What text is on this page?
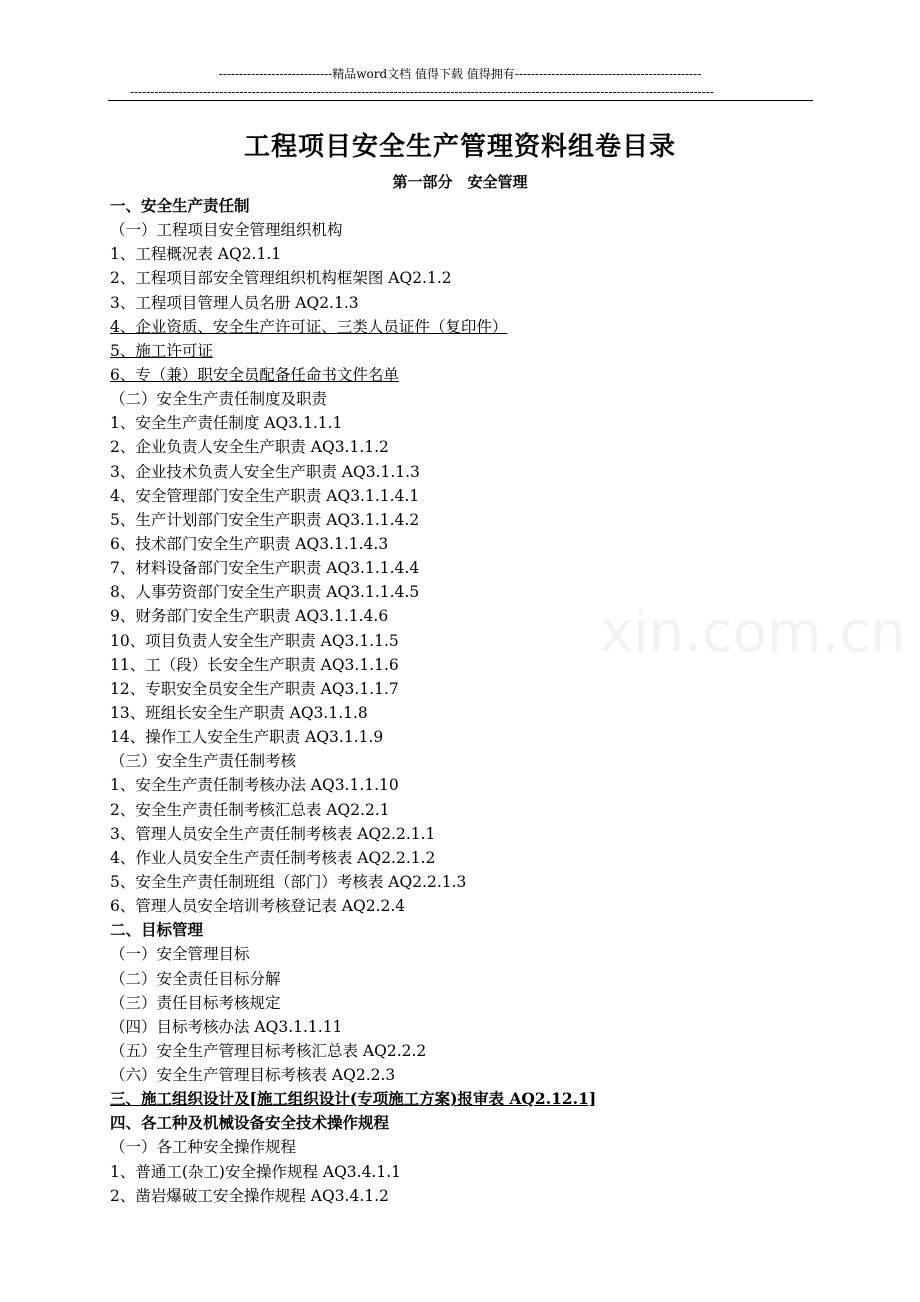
----------------------------精品word文档 值得下载 值得拥有----------------------------------------------
------------------------------------------------------------------------------------------------------------------------------------------------
工程项目安全生产管理资料组卷目录
第一部分　安全管理
xin.com.cn
一、安全生产责任制
（一）工程项目安全管理组织机构
1、工程概况表 AQ2.1.1
2、工程项目部安全管理组织机构框架图 AQ2.1.2
3、工程项目管理人员名册 AQ2.1.3
4、企业资质、安全生产许可证、三类人员证件（复印件）
5、施工许可证
6、专（兼）职安全员配备任命书文件名单
（二）安全生产责任制度及职责
1、安全生产责任制度 AQ3.1.1.1
2、企业负责人安全生产职责 AQ3.1.1.2
3、企业技术负责人安全生产职责 AQ3.1.1.3
4、安全管理部门安全生产职责 AQ3.1.1.4.1
5、生产计划部门安全生产职责 AQ3.1.1.4.2
6、技术部门安全生产职责 AQ3.1.1.4.3
7、材料设备部门安全生产职责 AQ3.1.1.4.4
8、人事劳资部门安全生产职责 AQ3.1.1.4.5
9、财务部门安全生产职责 AQ3.1.1.4.6
10、项目负责人安全生产职责 AQ3.1.1.5
11、工（段）长安全生产职责 AQ3.1.1.6
12、专职安全员安全生产职责 AQ3.1.1.7
13、班组长安全生产职责 AQ3.1.1.8
14、操作工人安全生产职责 AQ3.1.1.9
（三）安全生产责任制考核
1、安全生产责任制考核办法 AQ3.1.1.10
2、安全生产责任制考核汇总表 AQ2.2.1
3、管理人员安全生产责任制考核表 AQ2.2.1.1
4、作业人员安全生产责任制考核表 AQ2.2.1.2
5、安全生产责任制班组（部门）考核表 AQ2.2.1.3
6、管理人员安全培训考核登记表 AQ2.2.4
二、目标管理
（一）安全管理目标
（二）安全责任目标分解
（三）责任目标考核规定
（四）目标考核办法 AQ3.1.1.11
（五）安全生产管理目标考核汇总表 AQ2.2.2
（六）安全生产管理目标考核表 AQ2.2.3
三、施工组织设计及[施工组织设计(专项施工方案)报审表 AQ2.12.1]
四、各工种及机械设备安全技术操作规程
（一）各工种安全操作规程
1、普通工(杂工)安全操作规程 AQ3.4.1.1
2、凿岩爆破工安全操作规程 AQ3.4.1.2
